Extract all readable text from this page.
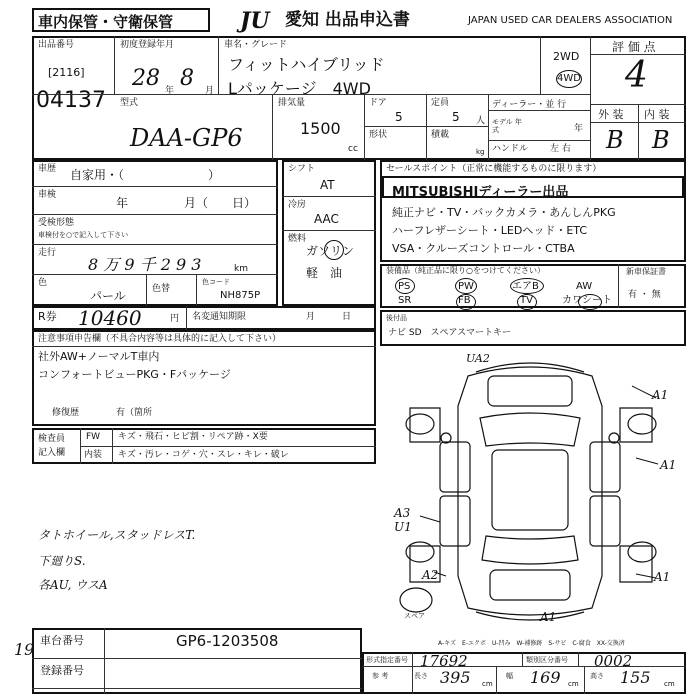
車内保管・守衛保管	JU 愛知 出品申込書	JAPAN USED CAR DEALERS ASSOCIATION
出品番号
[2116]
04137
初度登録年月
28 年 8 月
車名・グレード
フィットハイブリッド
Lパッケージ　4WD
2WD
4WD
評 価 点
4
外 装 内 装
B B
型式
DAA-GP6
排気量
1500
cc
ドア
5
定員
5 人
形状	積載
kg
ディーラー・並 行
モデル 年式	年
ハンドル 左 右
車歴 自家用・（　　　　　　　）
車検
年	月（　　日）
受検形態
車検付を○で記入して下さい
走行
8 万 9 千 2 9 3	km
色
パール	色替
色コード
NH875P
シフト
AT
冷房
AAC
燃料
ガソリン
軽　油
セールスポイント（正常に機能するものに限ります）
MITSUBISHIディーラー出品
純正ナビ・TV・バックカメラ・あんしんPKG
ハーフレザーシート・LEDヘッド・ETC
VSA・クルーズコントロール・CTBA
装備品（純正品に限り○をつけてください）	新車保証書
有 ・ 無
PS	PW	エアB	AW
SR	FB	TV	カワシート
R券 10460	円 名変通知期限	月　　　日	後付品
ナビ SD　スペアスマートキー
注意事項申告欄（不具合内容等は具体的に記入して下さい）
社外AW+ノーマルT車内
コンフォートビューPKG・Fパッケージ
修復歴	有（箇所
検査員
記入欄
FW キズ・飛石・ヒビ割・リペア跡・X要
内装 キズ・汚レ・コゲ・穴・スレ・キレ・破レ
タトホイール,スタッドレスT.
下廻りS.
各AU, ウスA
UA2
A1
A1
A1
A3
U1
A2
A1
スペア
A-キズ　E-エクボ　U-凹み　W-補修跡　S-サビ　C-腐食　XX-交換済
19 車台番号	GP6-1203508
登録番号
形式指定番号 17692	類別区分番号 0002
参 考	長さ 395 cm
幅 169 cm
高さ 155 cm
